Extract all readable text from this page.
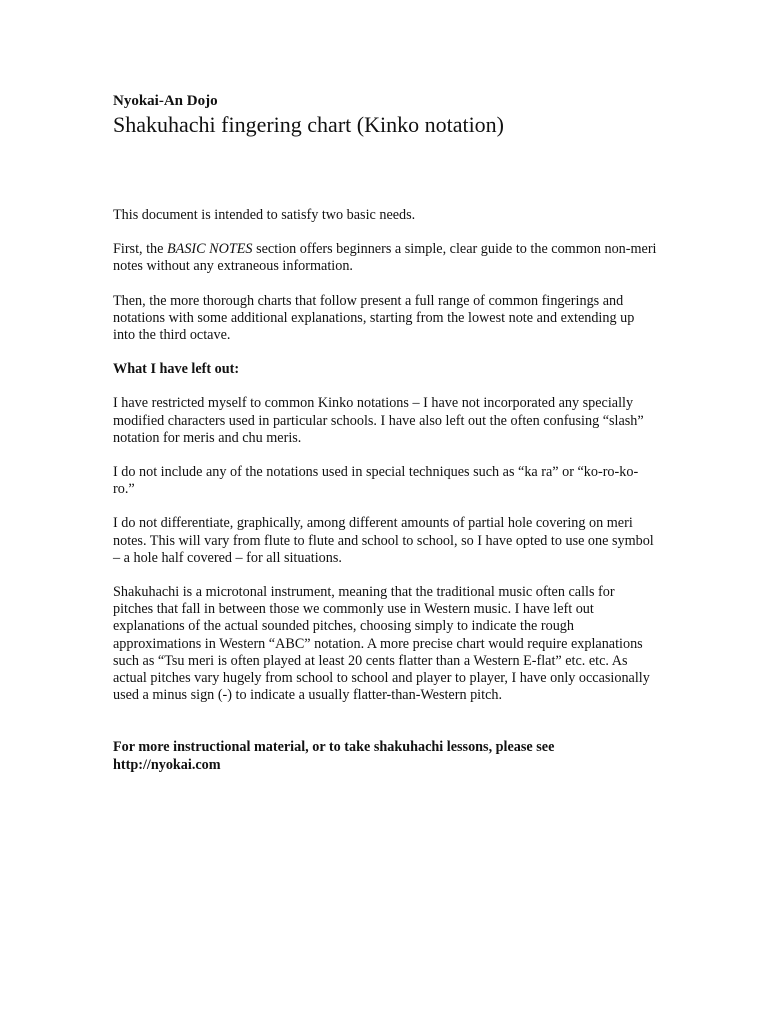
Nyokai-An Dojo

Shakuhachi fingering chart (Kinko notation)

This document is intended to satisfy two basic needs.

First, the BASIC NOTES section offers beginners a simple, clear guide to the common non-meri notes without any extraneous information.

Then, the more thorough charts that follow present a full range of common fingerings and notations with some additional explanations, starting from the lowest note and extending up into the third octave.

What I have left out:

I have restricted myself to common Kinko notations – I have not incorporated any specially modified characters used in particular schools. I have also left out the often confusing “slash” notation for meris and chu meris.

I do not include any of the notations used in special techniques such as “ka ra” or “ko-ro-ko-ro.”

I do not differentiate, graphically, among different amounts of partial hole covering on meri notes. This will vary from flute to flute and school to school, so I have opted to use one symbol – a hole half covered – for all situations.

Shakuhachi is a microtonal instrument, meaning that the traditional music often calls for pitches that fall in between those we commonly use in Western music. I have left out explanations of the actual sounded pitches, choosing simply to indicate the rough approximations in Western “ABC” notation. A more precise chart would require explanations such as “Tsu meri is often played at least 20 cents flatter than a Western E-flat” etc. etc. As actual pitches vary hugely from school to school and player to player, I have only occasionally used a minus sign (-) to indicate a usually flatter-than-Western pitch.

For more instructional material, or to take shakuhachi lessons, please see
http://nyokai.com
